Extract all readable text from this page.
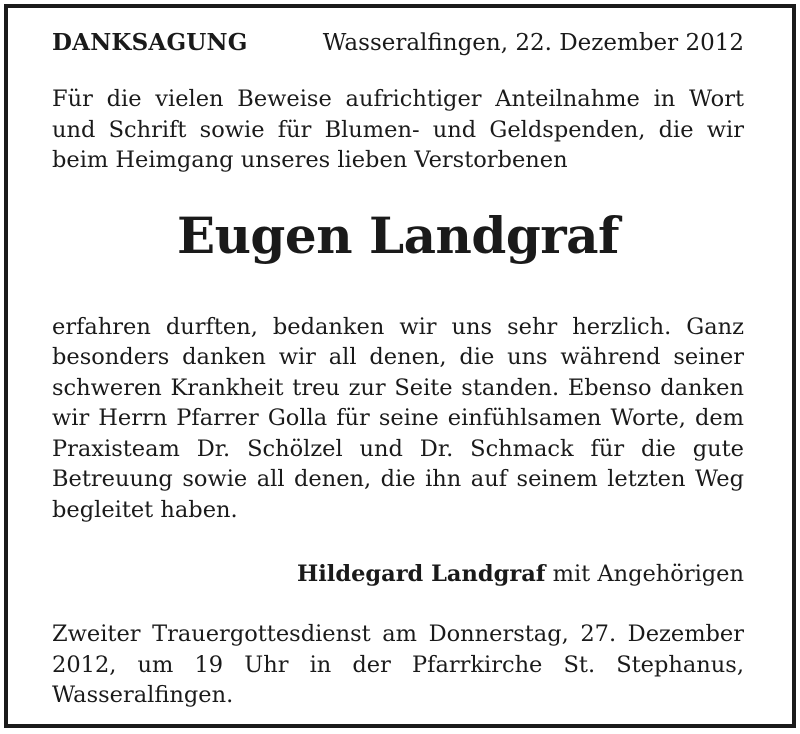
DANKSAGUNG	Wasseralfingen, 22. Dezember 2012

Für die vielen Beweise aufrichtiger Anteilnahme in Wort und Schrift sowie für Blumen- und Geldspenden, die wir beim Heimgang unseres lieben Verstorbenen

Eugen Landgraf

erfahren durften, bedanken wir uns sehr herzlich. Ganz besonders danken wir all denen, die uns während seiner schweren Krankheit treu zur Seite standen. Ebenso danken wir Herrn Pfarrer Golla für seine einfühlsamen Worte, dem Praxisteam Dr. Schölzel und Dr. Schmack für die gute Betreuung sowie all denen, die ihn auf seinem letzten Weg begleitet haben.

Hildegard Landgraf mit Angehörigen

Zweiter Trauergottesdienst am Donnerstag, 27. Dezember 2012, um 19 Uhr in der Pfarrkirche St. Stephanus, Wasseralfingen.
